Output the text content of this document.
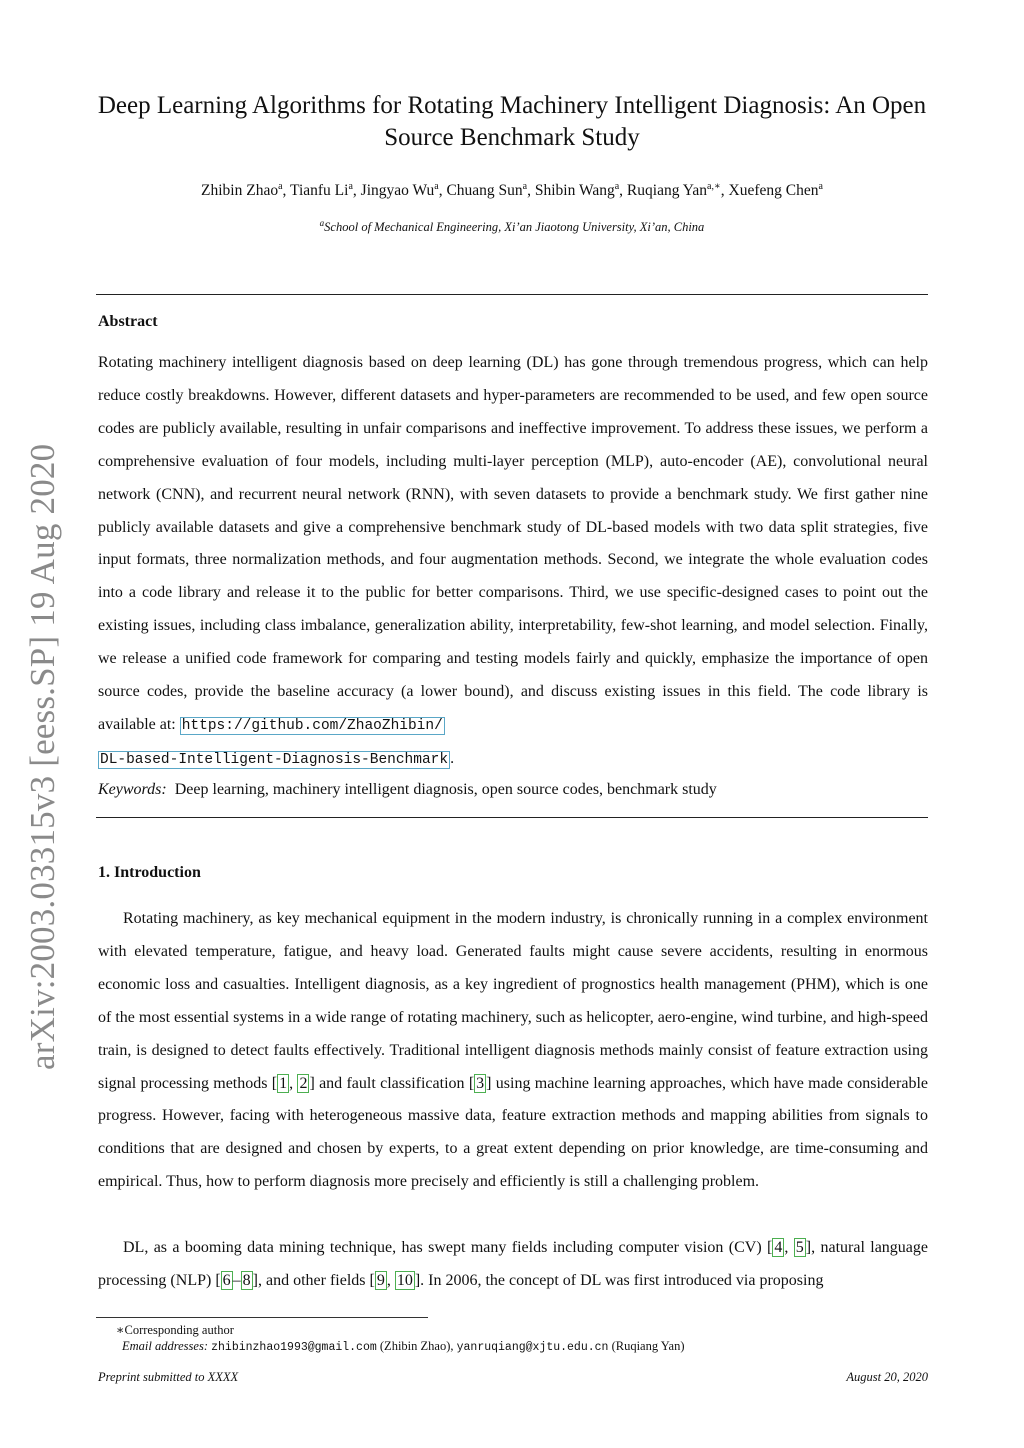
arXiv:2003.03315v3 [eess.SP] 19 Aug 2020
Deep Learning Algorithms for Rotating Machinery Intelligent Diagnosis: An Open Source Benchmark Study
Zhibin Zhao$^a$, Tianfu Li$^a$, Jingyao Wu$^a$, Chuang Sun$^a$, Shibin Wang$^a$, Ruqiang Yan$^{a,∗}$, Xuefeng Chen$^a$
$^a$School of Mechanical Engineering, Xi’an Jiaotong University, Xi’an, China
Abstract

Rotating machinery intelligent diagnosis based on deep learning (DL) has gone through tremendous progress, which can help reduce costly breakdowns. However, different datasets and hyper-parameters are recommended to be used, and few open source codes are publicly available, resulting in unfair comparisons and ineffective improvement. To address these issues, we perform a comprehensive evaluation of four models, including multi-layer perception (MLP), auto-encoder (AE), convolutional neural network (CNN), and recurrent neural network (RNN), with seven datasets to provide a benchmark study. We first gather nine publicly available datasets and give a comprehensive benchmark study of DL-based models with two data split strategies, five input formats, three normalization methods, and four augmentation methods. Second, we integrate the whole evaluation codes into a code library and release it to the public for better comparisons. Third, we use specific-designed cases to point out the existing issues, including class imbalance, generalization ability, interpretability, few-shot learning, and model selection. Finally, we release a unified code framework for comparing and testing models fairly and quickly, emphasize the importance of open source codes, provide the baseline accuracy (a lower bound), and discuss existing issues in this field. The code library is available at: https://github.com/ZhaoZhibin/
DL-based-Intelligent-Diagnosis-Benchmark .

Keywords: Deep learning, machinery intelligent diagnosis, open source codes, benchmark study
1. Introduction

Rotating machinery, as key mechanical equipment in the modern industry, is chronically running in a complex environment with elevated temperature, fatigue, and heavy load. Generated faults might cause severe accidents, resulting in enormous economic loss and casualties. Intelligent diagnosis, as a key ingredient of prognostics health management (PHM), which is one of the most essential systems in a wide range of rotating machinery, such as helicopter, aero-engine, wind turbine, and high-speed train, is designed to detect faults effectively. Traditional intelligent diagnosis methods mainly consist of feature extraction using signal processing methods [ 1 , 2 ] and fault classification [ 3 ] using machine learning approaches, which have made considerable progress. However, facing with heterogeneous massive data, feature extraction methods and mapping abilities from signals to conditions that are designed and chosen by experts, to a great extent depending on prior knowledge, are time-consuming and empirical. Thus, how to perform diagnosis more precisely and efficiently is still a challenging problem.

DL, as a booming data mining technique, has swept many fields including computer vision (CV) [ 4 , 5 ], natural language processing (NLP) [ 6 – 8 ], and other fields [ 9 , 10 ]. In 2006, the concept of DL was first introduced via proposing

∗Corresponding author
Email addresses: zhibinzhao1993@gmail.com (Zhibin Zhao), yanruqiang@xjtu.edu.cn (Ruqiang Yan)
Preprint submitted to XXXX	August 20, 2020
